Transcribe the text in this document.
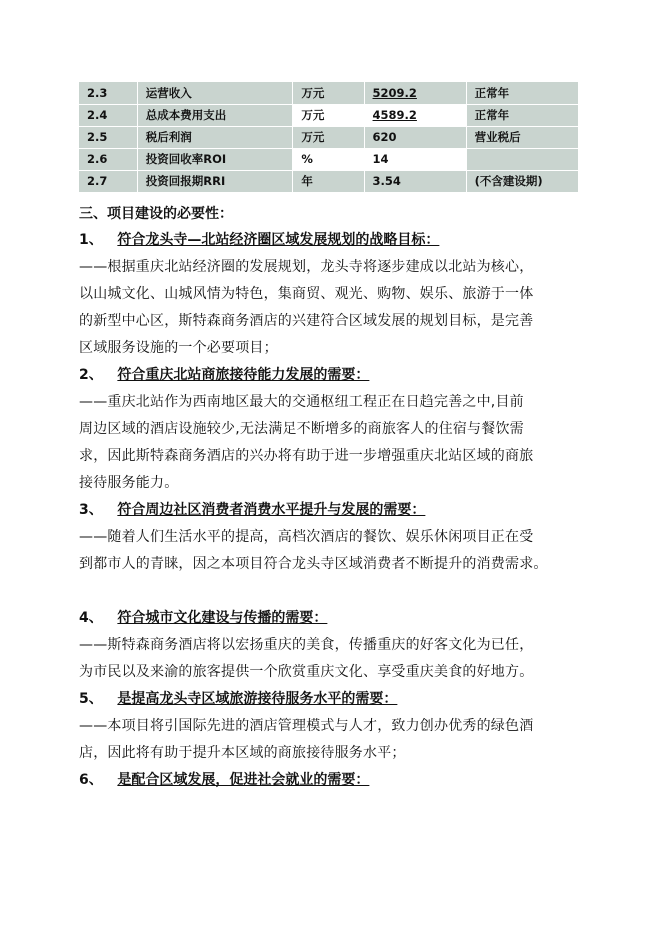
2.3	运营收入	万元	5209.2	正常年
2.4	总成本费用支出	万元	4589.2	正常年
2.5	税后利润	万元	620	营业税后
2.6	投资回收率ROI	%	14	
2.7	投资回报期RRI	年	3.54	(不含建设期)
三、项目建设的必要性：
1、 符合龙头寺—北站经济圈区域发展规划的战略目标：

——根据重庆北站经济圈的发展规划，龙头寺将逐步建成以北站为核心，

以山城文化、山城风情为特色，集商贸、观光、购物、娱乐、旅游于一体

的新型中心区，斯特森商务酒店的兴建符合区域发展的规划目标，是完善

区域服务设施的一个必要项目；

2、 符合重庆北站商旅接待能力发展的需要：

——重庆北站作为西南地区最大的交通枢纽工程正在日趋完善之中,目前

周边区域的酒店设施较少,无法满足不断增多的商旅客人的住宿与餐饮需

求，因此斯特森商务酒店的兴办将有助于进一步增强重庆北站区域的商旅

接待服务能力。

3、 符合周边社区消费者消费水平提升与发展的需要：

——随着人们生活水平的提高，高档次酒店的餐饮、娱乐休闲项目正在受

到都市人的青睐，因之本项目符合龙头寺区域消费者不断提升的消费需求。

4、 符合城市文化建设与传播的需要：

——斯特森商务酒店将以宏扬重庆的美食，传播重庆的好客文化为已任，

为市民以及来渝的旅客提供一个欣赏重庆文化、享受重庆美食的好地方。

5、 是提高龙头寺区域旅游接待服务水平的需要：

——本项目将引国际先进的酒店管理模式与人才，致力创办优秀的绿色酒

店，因此将有助于提升本区域的商旅接待服务水平；

6、 是配合区域发展，促进社会就业的需要：
